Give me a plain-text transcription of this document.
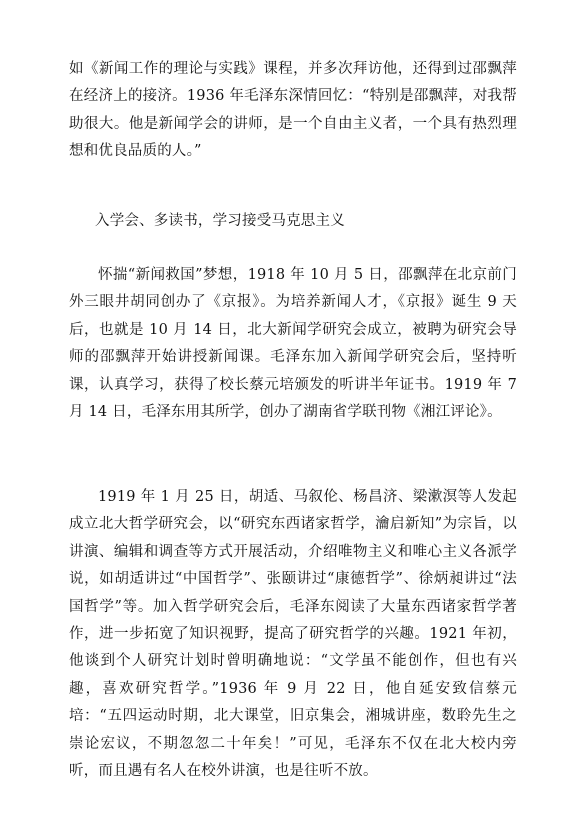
如《新闻工作的理论与实践》课程，并多次拜访他，还得到过邵飘萍在经济上的接济。1936 年毛泽东深情回忆：“特别是邵飘萍，对我帮助很大。他是新闻学会的讲师，是一个自由主义者，一个具有热烈理想和优良品质的人。”

入学会、多读书，学习接受马克思主义

怀揣“新闻救国”梦想，1918 年 10 月 5 日，邵飘萍在北京前门外三眼井胡同创办了《京报》。为培养新闻人才，《京报》诞生 9 天后，也就是 10 月 14 日，北大新闻学研究会成立，被聘为研究会导师的邵飘萍开始讲授新闻课。毛泽东加入新闻学研究会后，坚持听课，认真学习，获得了校长蔡元培颁发的听讲半年证书。1919 年 7 月 14 日，毛泽东用其所学，创办了湖南省学联刊物《湘江评论》。

1919 年 1 月 25 日，胡适、马叙伦、杨昌济、梁漱溟等人发起成立北大哲学研究会，以“研究东西诸家哲学，瀹启新知”为宗旨，以讲演、编辑和调查等方式开展活动，介绍唯物主义和唯心主义各派学说，如胡适讲过“中国哲学”、张颐讲过“康德哲学”、徐炳昶讲过“法国哲学”等。加入哲学研究会后，毛泽东阅读了大量东西诸家哲学著作，进一步拓宽了知识视野，提高了研究哲学的兴趣。1921 年初，他谈到个人研究计划时曾明确地说：“文学虽不能创作，但也有兴趣，喜欢研究哲学。”1936 年 9 月 22 日，他自延安致信蔡元培：“五四运动时期，北大课堂，旧京集会，湘城讲座，数聆先生之崇论宏议，不期忽忽二十年矣！”可见，毛泽东不仅在北大校内旁听，而且遇有名人在校外讲演，也是往听不放。
